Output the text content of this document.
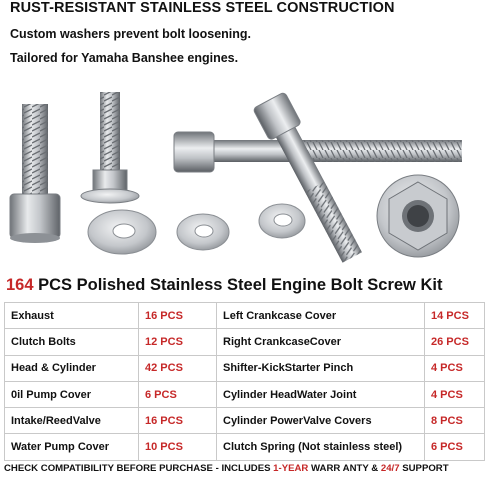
RUST-RESISTANT STAINLESS STEEL CONSTRUCTION
Custom washers prevent bolt loosening.
Tailored for Yamaha Banshee engines.
164 PCS Polished Stainless Steel Engine Bolt Screw Kit
Exhaust	16 PCS	Left Crankcase Cover	14 PCS
Clutch Bolts	12 PCS	Right CrankcaseCover	26 PCS
Head & Cylinder	42 PCS	Shifter-KickStarter Pinch	4 PCS
0il Pump Cover	6 PCS	Cylinder HeadWater Joint	4 PCS
Intake/ReedValve	16 PCS	Cylinder PowerValve Covers	8 PCS
Water Pump Cover	10 PCS	Clutch Spring (Not stainless steel)	6 PCS
CHECK COMPATIBILITY BEFORE PURCHASE - INCLUDES 1-YEAR WARR ANTY & 24/7 SUPPORT
